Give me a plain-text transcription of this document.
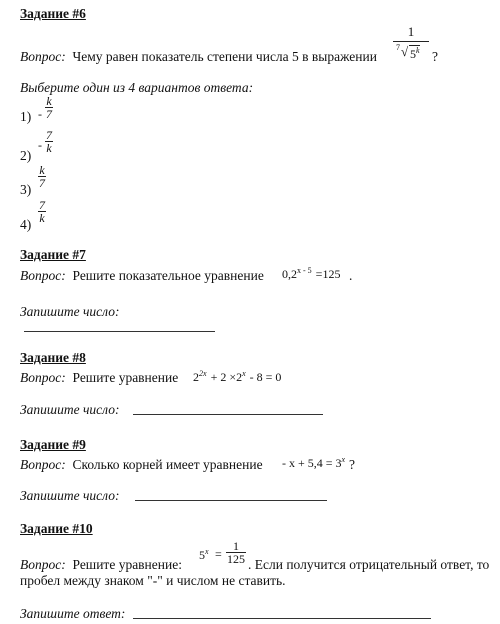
Задание #6
Вопрос: Чему равен показатель степени числа 5 в выражении
1
7 √ 5$^k$ ?
Выберите один из 4 вариантов ответа:
$1) - \frac{k}{7}$
2)
- $\frac{7}{k}$
3)
$\frac{k}{7}$
4)
$\frac{7}{k}$
Задание #7
Вопрос: Решите показательное уравнение $0,2^{x - 5} =125$ .
Запишите число:
Задание #8
Вопрос: Решите уравнение $2^{2x} + 2 \times 2^x - 8 = 0$
Запишите число:
Задание #9
Вопрос: Сколько корней имеет уравнение - $x + 5,4 = 3^x$ ?
Запишите число:
Задание #10
Вопрос: Решите уравнение:
$5^x = \frac{1}{125}$ . Если получится отрицательный ответ, то
пробел между знаком "-" и числом не ставить.
Запишите ответ:
